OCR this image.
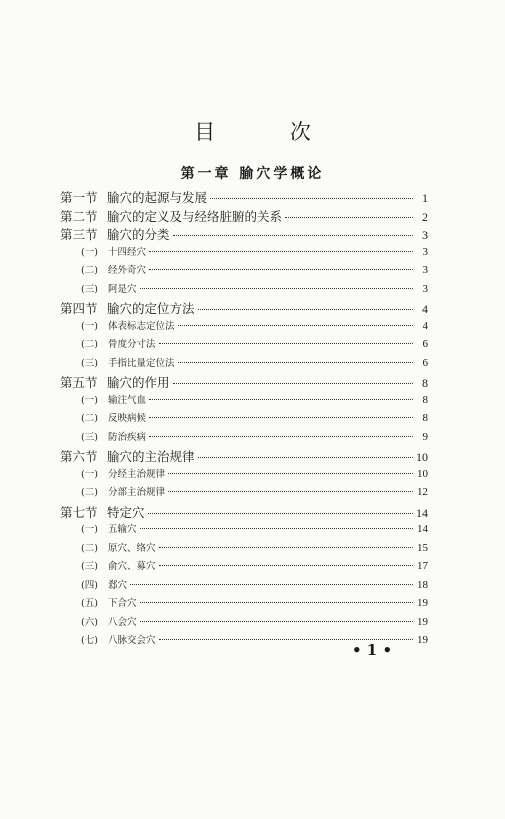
目 次
第一章 腧穴学概论
第一节 腧穴的起源与发展	1
第二节 腧穴的定义及与经络脏腑的关系	2
第三节 腧穴的分类	3
(一)	十四经穴	3
(二)	经外奇穴	3
(三)	阿是穴	3
第四节 腧穴的定位方法	4
(一)	体表标志定位法	4
(二)	骨度分寸法	6
(三)	手指比量定位法	6
第五节 腧穴的作用	8
(一)	输注气血	8
(二)	反映病候	8
(三)	防治疾病	9
第六节 腧穴的主治规律	10
(一)	分经主治规律	10
(二)	分部主治规律	12
第七节 特定穴	14
(一)	五输穴	14
(二)	原穴、络穴	15
(三)	俞穴、募穴	17
(四)	郄穴	18
(五)	下合穴	19
(六)	八会穴	19
(七)	八脉交会穴	19
• 1 •
